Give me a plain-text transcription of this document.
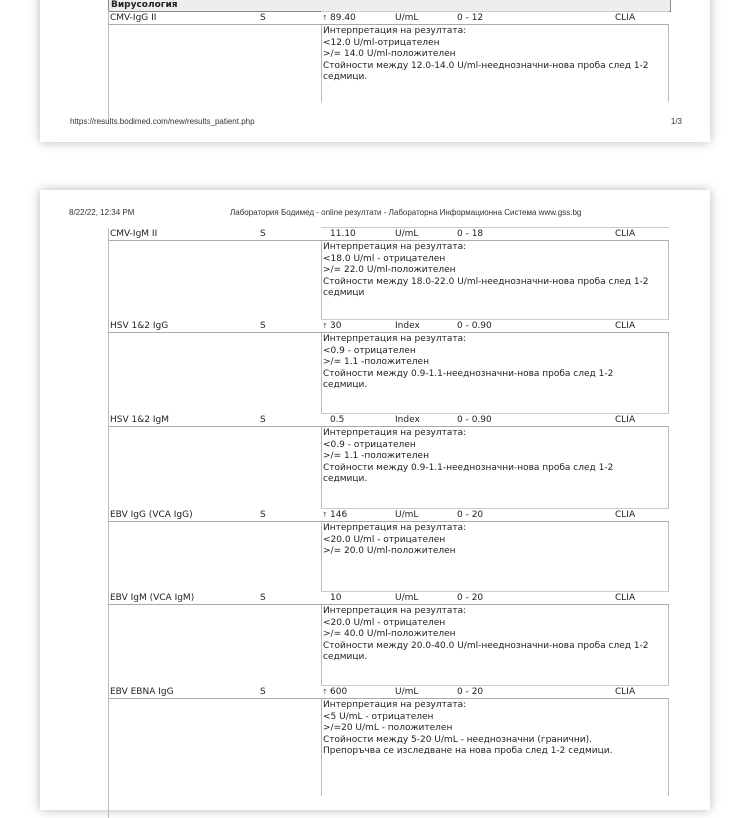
Вирусология
https://results.bodimed.com/new/results_patient.php	1/3
CMV-IgG II	S	↑ 89.40	U/mL	0 - 12	CLIA
Интерпретация на резултата:
<12.0 U/ml-отрицателен
>/= 14.0 U/ml-положителен
Стойности между 12.0-14.0 U/ml-нееднозначни-нова проба след 1-2
седмици.
8/22/22, 12:34 PM	Лаборатория Бодимед - online резултати - Лабораторна Информационна Система www.gss.bg
CMV-IgM II	S	11.10	U/mL	0 - 18	CLIA
Интерпретация на резултата:
<18.0 U/ml - отрицателен
>/= 22.0 U/ml-положителен
Стойности между 18.0-22.0 U/ml-нееднозначни-нова проба след 1-2
седмици
HSV 1&2 IgG	S	↑ 30	Index	0 - 0.90	CLIA
Интерпретация на резултата:
<0.9 - отрицателен
>/= 1.1 -положителен
Стойности между 0.9-1.1-нееднозначни-нова проба след 1-2
седмици.
HSV 1&2 IgM	S	0.5	Index	0 - 0.90	CLIA
Интерпретация на резултата:
<0.9 - отрицателен
>/= 1.1 -положителен
Стойности между 0.9-1.1-нееднозначни-нова проба след 1-2
седмици.
EBV IgG (VCA IgG)	S	↑ 146	U/mL	0 - 20	CLIA
Интерпретация на резултата:
<20.0 U/ml - отрицателен
>/= 20.0 U/ml-положителен
EBV IgM (VCA IgM)	S	10	U/mL	0 - 20	CLIA
Интерпретация на резултата:
<20.0 U/ml - отрицателен
>/= 40.0 U/ml-положителен
Стойности между 20.0-40.0 U/ml-нееднозначни-нова проба след 1-2
седмици.
EBV EBNA IgG	S	↑ 600	U/mL	0 - 20	CLIA
Интерпретация на резултата:
<5 U/mL - отрицателен
>/=20 U/mL - положителен
Стойности между 5-20 U/mL - нееднозначни (гранични).
Препоръчва се изследване на нова проба след 1-2 седмици.
